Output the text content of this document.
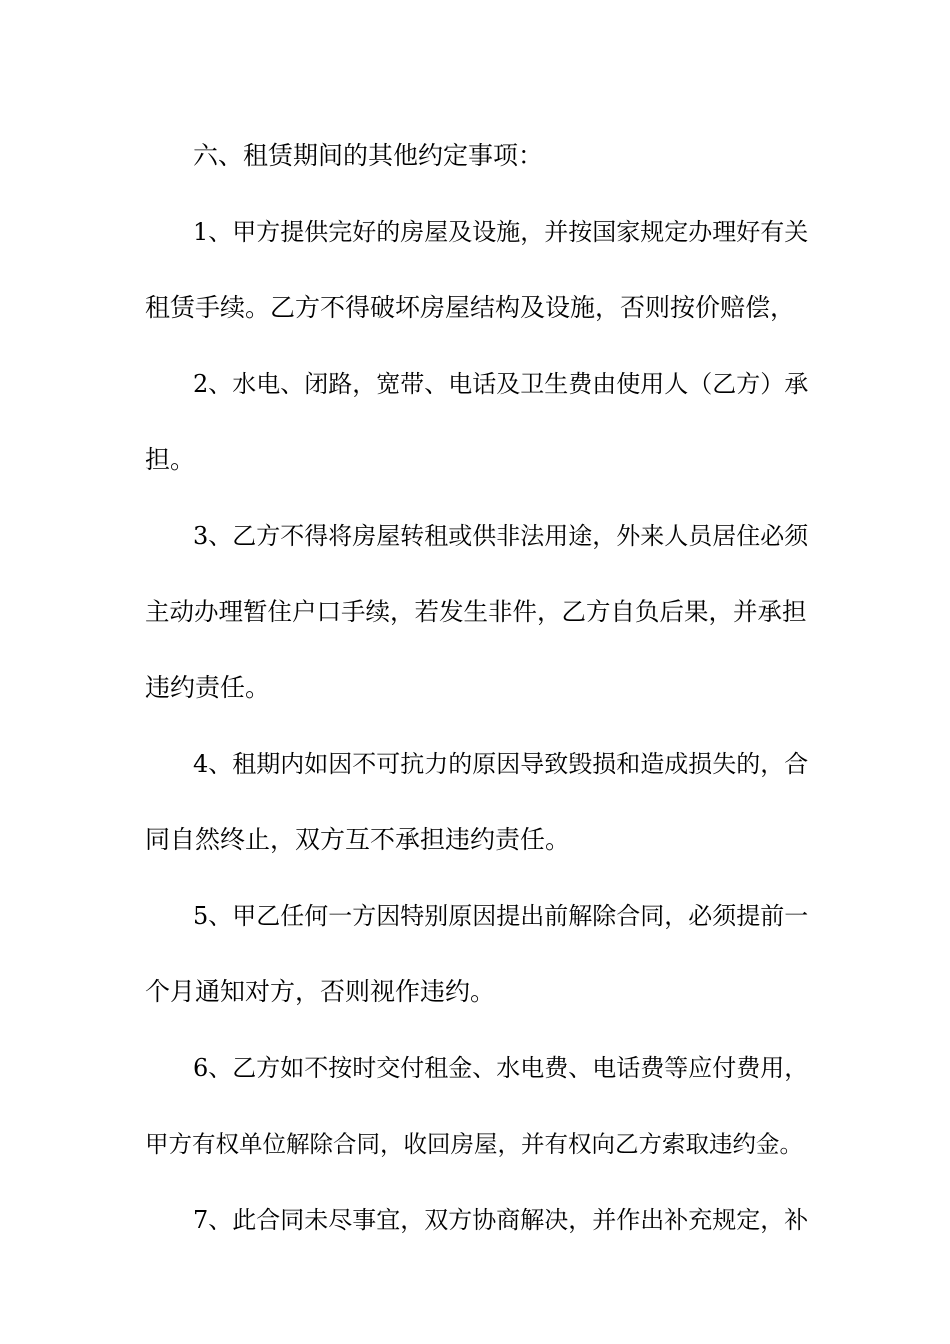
六、租赁期间的其他约定事项：
1、甲方提供完好的房屋及设施，并按国家规定办理好有关
租赁手续。乙方不得破坏房屋结构及设施，否则按价赔偿，
2、水电、闭路，宽带、电话及卫生费由使用人（乙方）承
担。
3、乙方不得将房屋转租或供非法用途，外来人员居住必须
主动办理暂住户口手续，若发生非件，乙方自负后果，并承担
违约责任。
4、租期内如因不可抗力的原因导致毁损和造成损失的，合
同自然终止，双方互不承担违约责任。
5、甲乙任何一方因特别原因提出前解除合同，必须提前一
个月通知对方，否则视作违约。
6、乙方如不按时交付租金、水电费、电话费等应付费用，
甲方有权单位解除合同，收回房屋，并有权向乙方索取违约金。
7、此合同未尽事宜，双方协商解决，并作出补充规定，补
